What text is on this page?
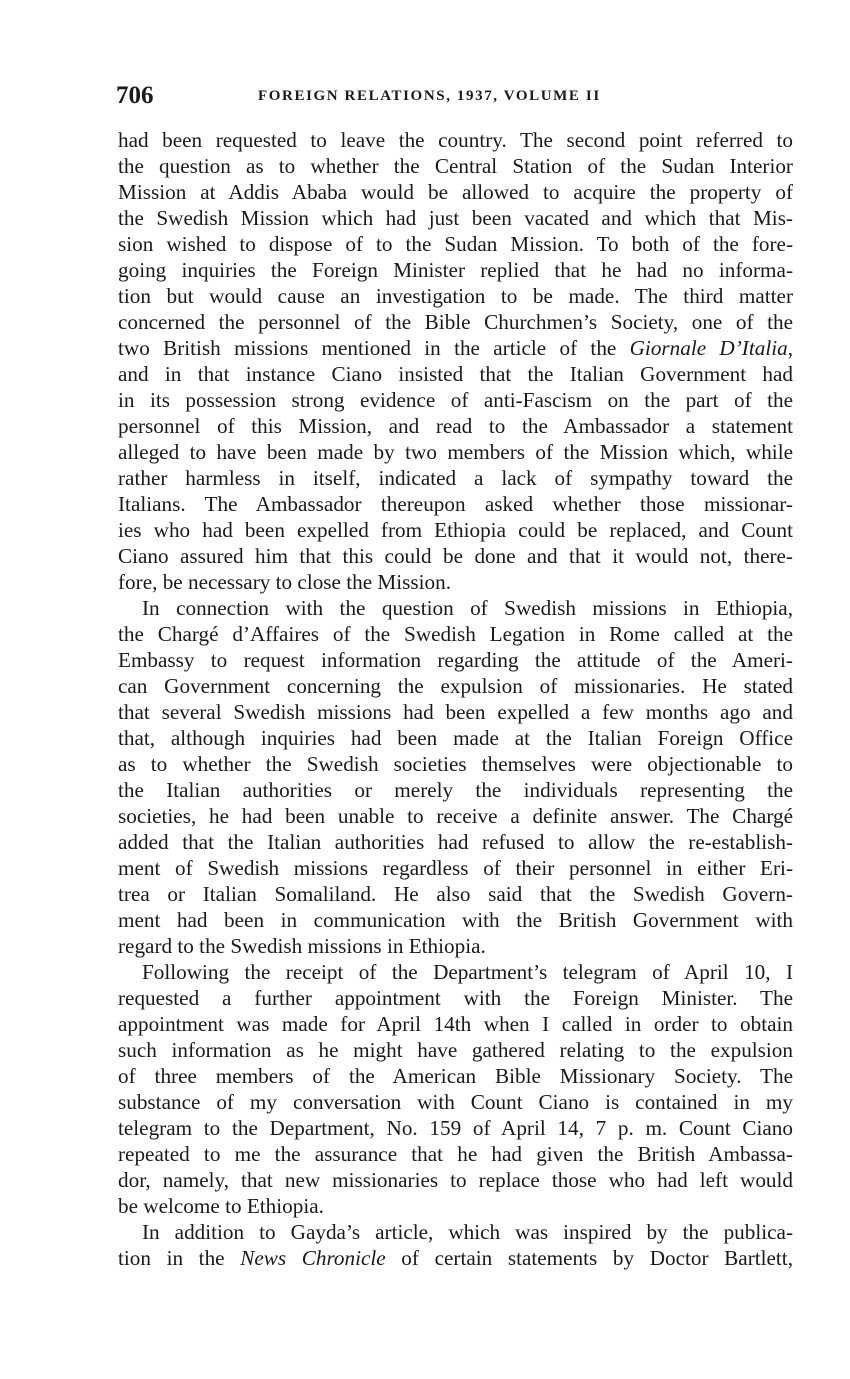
706	FOREIGN RELATIONS, 1937, VOLUME II
had been requested to leave the country. The second point referred to
the question as to whether the Central Station of the Sudan Interior
Mission at Addis Ababa would be allowed to acquire the property of
the Swedish Mission which had just been vacated and which that Mis-
sion wished to dispose of to the Sudan Mission. To both of the fore-
going inquiries the Foreign Minister replied that he had no informa-
tion but would cause an investigation to be made. The third matter
concerned the personnel of the Bible Churchmen’s Society, one of the
two British missions mentioned in the article of the Giornale D’Italia,
and in that instance Ciano insisted that the Italian Government had
in its possession strong evidence of anti-Fascism on the part of the
personnel of this Mission, and read to the Ambassador a statement
alleged to have been made by two members of the Mission which, while
rather harmless in itself, indicated a lack of sympathy toward the
Italians. The Ambassador thereupon asked whether those missionar-
ies who had been expelled from Ethiopia could be replaced, and Count
Ciano assured him that this could be done and that it would not, there-
fore, be necessary to close the Mission.
In connection with the question of Swedish missions in Ethiopia,
the Chargé d’Affaires of the Swedish Legation in Rome called at the
Embassy to request information regarding the attitude of the Ameri-
can Government concerning the expulsion of missionaries. He stated
that several Swedish missions had been expelled a few months ago and
that, although inquiries had been made at the Italian Foreign Office
as to whether the Swedish societies themselves were objectionable to
the Italian authorities or merely the individuals representing the
societies, he had been unable to receive a definite answer. The Chargé
added that the Italian authorities had refused to allow the re-establish-
ment of Swedish missions regardless of their personnel in either Eri-
trea or Italian Somaliland. He also said that the Swedish Govern-
ment had been in communication with the British Government with
regard to the Swedish missions in Ethiopia.
Following the receipt of the Department’s telegram of April 10, I
requested a further appointment with the Foreign Minister. The
appointment was made for April 14th when I called in order to obtain
such information as he might have gathered relating to the expulsion
of three members of the American Bible Missionary Society. The
substance of my conversation with Count Ciano is contained in my
telegram to the Department, No. 159 of April 14, 7 p. m. Count Ciano
repeated to me the assurance that he had given the British Ambassa-
dor, namely, that new missionaries to replace those who had left would
be welcome to Ethiopia.
In addition to Gayda’s article, which was inspired by the publica-
tion in the News Chronicle of certain statements by Doctor Bartlett,
